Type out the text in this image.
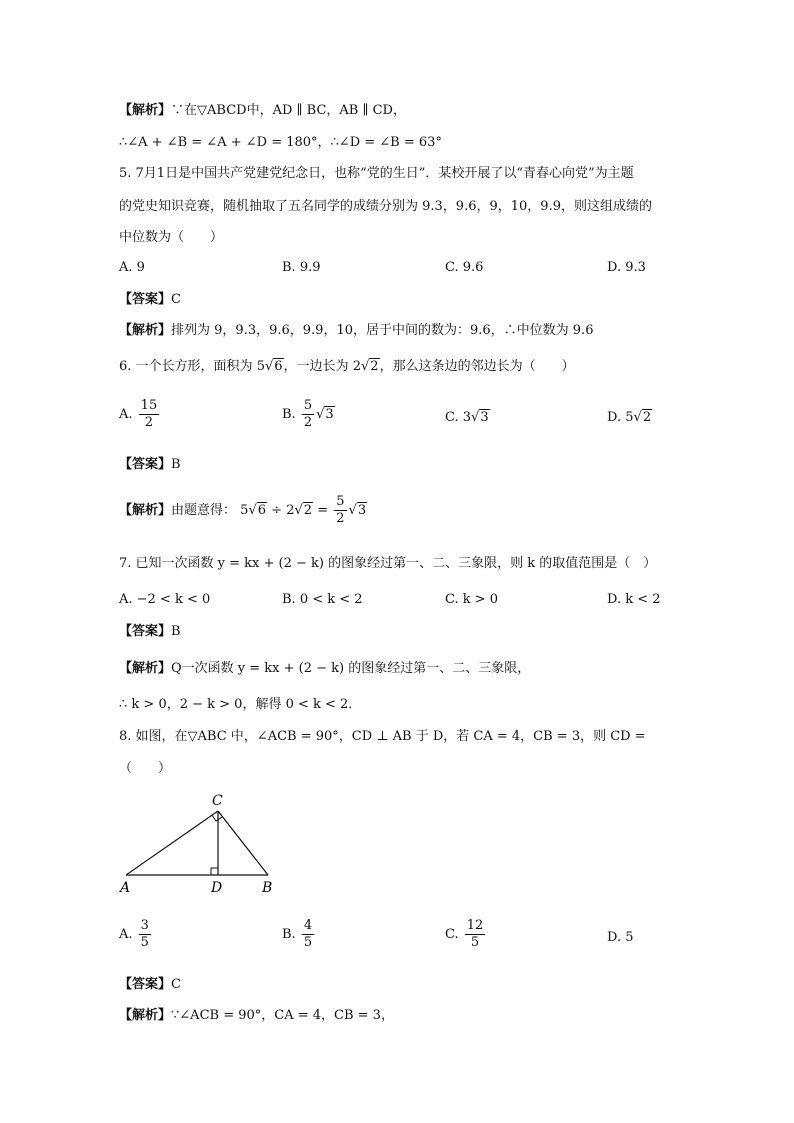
【解析】∵在▽ABCD中，AD ∥ BC，AB ∥ CD，
∴∠A + ∠B = ∠A + ∠D = 180°，∴∠D = ∠B = 63°
5. 7月1日是中国共产党建党纪念日，也称“党的生日”．某校开展了以“青春心向党”为主题
的党史知识竞赛，随机抽取了五名同学的成绩分别为 9.3，9.6，9，10，9.9，则这组成绩的
中位数为（　　）
A. 9	B. 9.9	C. 9.6	D. 9.3
【答案】C
【解析】排列为 9，9.3，9.6，9.9，10，居于中间的数为：9.6，∴中位数为 9.6
6. 一个长方形，面积为 5√6，一边长为 2√2，那么这条边的邻边长为（　　）
A. $\frac{15}{2}$	B. $\frac{5}{2} √3$	C. 3√3	D. 5√2
【答案】B
【解析】由题意得： $5√6 \div 2√2 = \frac{5}{2} √3$
7. 已知一次函数 y = kx + (2 − k) 的图象经过第一、二、三象限，则 k 的取值范围是（　）
A. −2 < k < 0	B. 0 < k < 2	C. k > 0	D. k < 2
【答案】B
【解析】Q一次函数 y = kx + (2 − k) 的图象经过第一、二、三象限，
∴ k > 0，2 − k > 0，解得 0 < k < 2．
8. 如图，在▽ABC 中，∠ACB = 90°，CD ⊥ AB 于 D，若 CA = 4，CB = 3，则 CD =
（　　）
C
A	D	B
A. $\frac{3}{5}$	B. $\frac{4}{5}$	C. $\frac{12}{5}$	D. 5
【答案】C
【解析】∵∠ACB = 90°，CA = 4，CB = 3，
